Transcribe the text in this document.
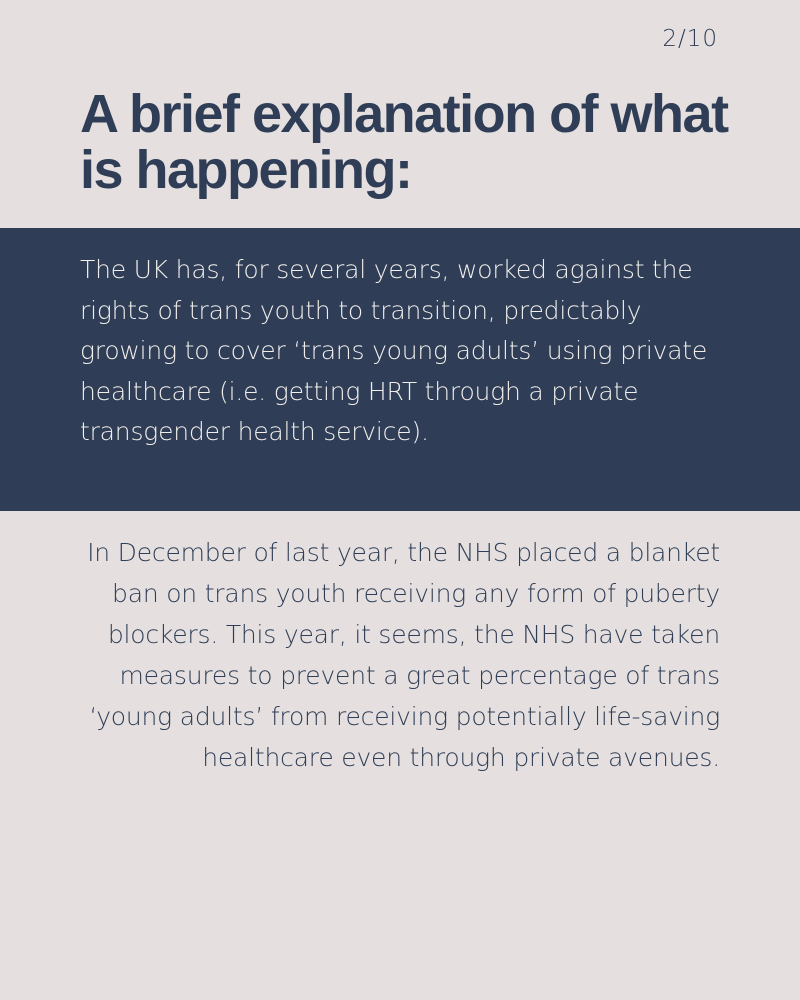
2/10
A brief explanation of what is happening:

The UK has, for several years, worked against the rights of trans youth to transition, predictably growing to cover ‘trans young adults’ using private healthcare (i.e. getting HRT through a private transgender health service).

In December of last year, the NHS placed a blanket ban on trans youth receiving any form of puberty blockers. This year, it seems, the NHS have taken measures to prevent a great percentage of trans ‘young adults’ from receiving potentially life-saving healthcare even through private avenues.
